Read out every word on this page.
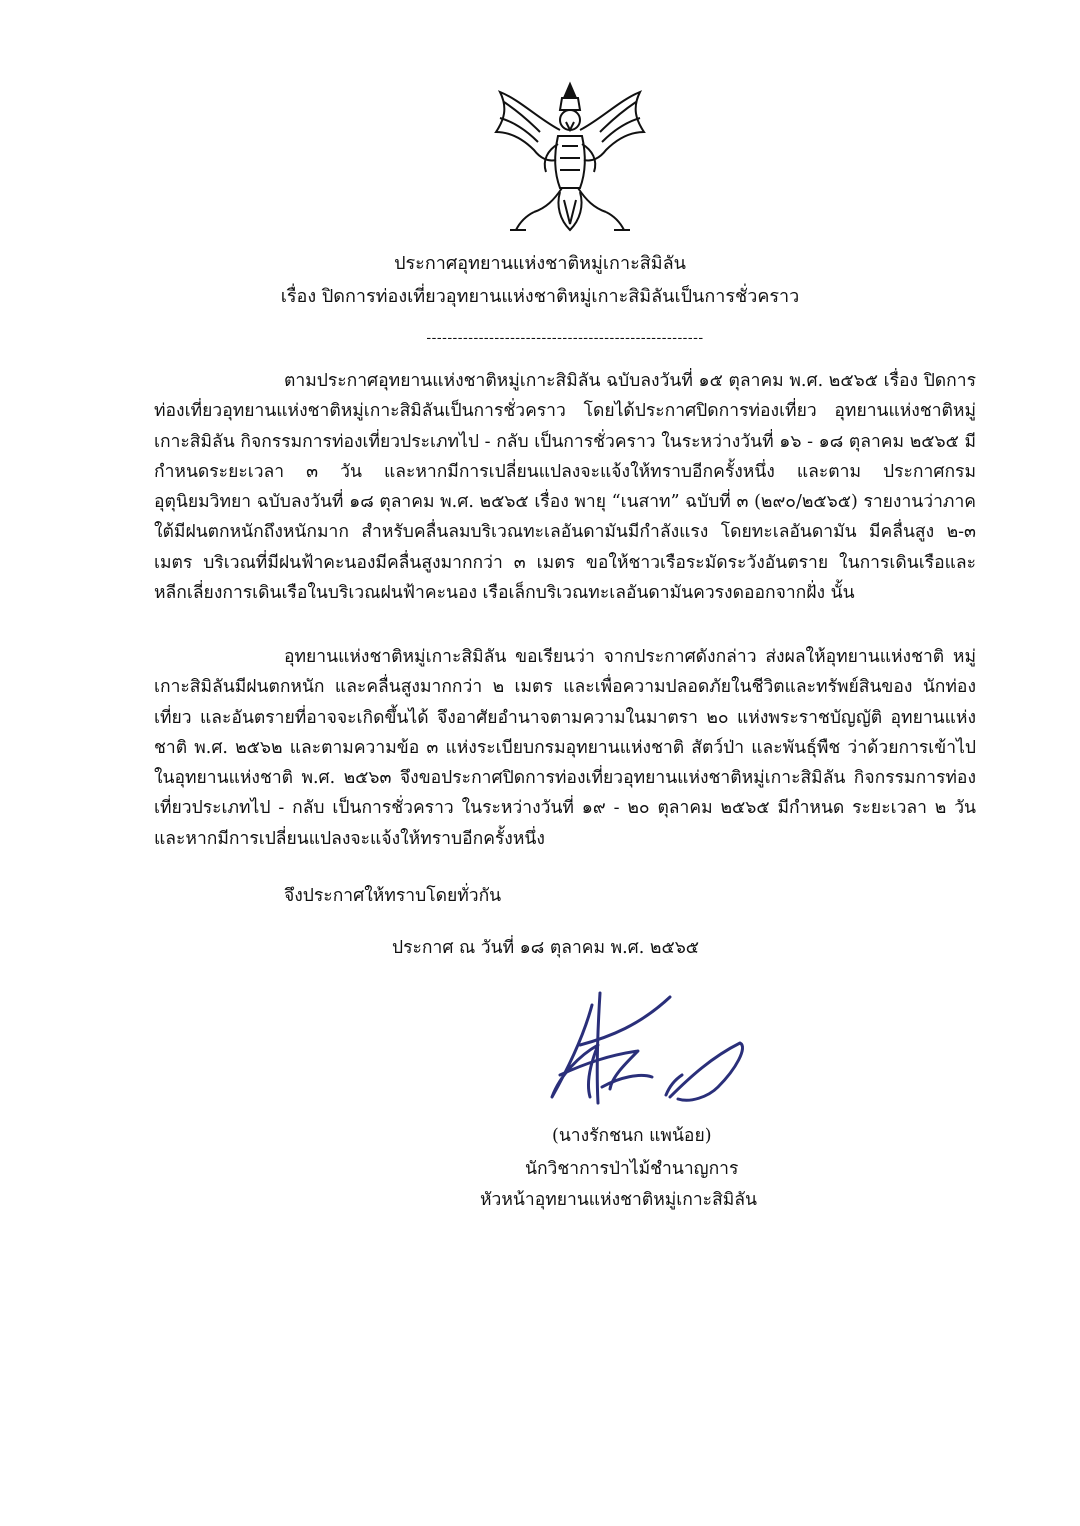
ประกาศอุทยานแห่งชาติหมู่เกาะสิมิลัน
เรื่อง ปิดการท่องเที่ยวอุทยานแห่งชาติหมู่เกาะสิมิลันเป็นการชั่วคราว
-----------------------------------------------------

ตามประกาศอุทยานแห่งชาติหมู่เกาะสิมิลัน ฉบับลงวันที่ ๑๕ ตุลาคม พ.ศ. ๒๕๖๕ เรื่อง ปิดการท่องเที่ยวอุทยานแห่งชาติหมู่เกาะสิมิลันเป็นการชั่วคราว โดยได้ประกาศปิดการท่องเที่ยว อุทยานแห่งชาติหมู่เกาะสิมิลัน กิจกรรมการท่องเที่ยวประเภทไป - กลับ เป็นการชั่วคราว ในระหว่างวันที่ ๑๖ - ๑๘ ตุลาคม ๒๕๖๕ มีกำหนดระยะเวลา ๓ วัน และหากมีการเปลี่ยนแปลงจะแจ้งให้ทราบอีกครั้งหนึ่ง และตาม ประกาศกรมอุตุนิยมวิทยา ฉบับลงวันที่ ๑๘ ตุลาคม พ.ศ. ๒๕๖๕ เรื่อง พายุ “เนสาท” ฉบับที่ ๓ (๒๙๐/๒๕๖๕) รายงานว่าภาคใต้มีฝนตกหนักถึงหนักมาก สำหรับคลื่นลมบริเวณทะเลอันดามันมีกำลังแรง โดยทะเลอันดามัน มีคลื่นสูง ๒-๓ เมตร บริเวณที่มีฝนฟ้าคะนองมีคลื่นสูงมากกว่า ๓ เมตร ขอให้ชาวเรือระมัดระวังอันตราย ในการเดินเรือและหลีกเลี่ยงการเดินเรือในบริเวณฝนฟ้าคะนอง เรือเล็กบริเวณทะเลอันดามันควรงดออกจากฝั่ง นั้น

อุทยานแห่งชาติหมู่เกาะสิมิลัน ขอเรียนว่า จากประกาศดังกล่าว ส่งผลให้อุทยานแห่งชาติ หมู่เกาะสิมิลันมีฝนตกหนัก และคลื่นสูงมากกว่า ๒ เมตร และเพื่อความปลอดภัยในชีวิตและทรัพย์สินของ นักท่องเที่ยว และอันตรายที่อาจจะเกิดขึ้นได้ จึงอาศัยอำนาจตามความในมาตรา ๒๐ แห่งพระราชบัญญัติ อุทยานแห่งชาติ พ.ศ. ๒๕๖๒ และตามความข้อ ๓ แห่งระเบียบกรมอุทยานแห่งชาติ สัตว์ป่า และพันธุ์พืช ว่าด้วยการเข้าไปในอุทยานแห่งชาติ พ.ศ. ๒๕๖๓ จึงขอประกาศปิดการท่องเที่ยวอุทยานแห่งชาติหมู่เกาะสิมิลัน กิจกรรมการท่องเที่ยวประเภทไป - กลับ เป็นการชั่วคราว ในระหว่างวันที่ ๑๙ - ๒๐ ตุลาคม ๒๕๖๕ มีกำหนด ระยะเวลา ๒ วัน และหากมีการเปลี่ยนแปลงจะแจ้งให้ทราบอีกครั้งหนึ่ง

จึงประกาศให้ทราบโดยทั่วกัน
ประกาศ ณ วันที่ ๑๘ ตุลาคม พ.ศ. ๒๕๖๕
(นางรักชนก แพน้อย)
นักวิชาการป่าไม้ชำนาญการ
หัวหน้าอุทยานแห่งชาติหมู่เกาะสิมิลัน
